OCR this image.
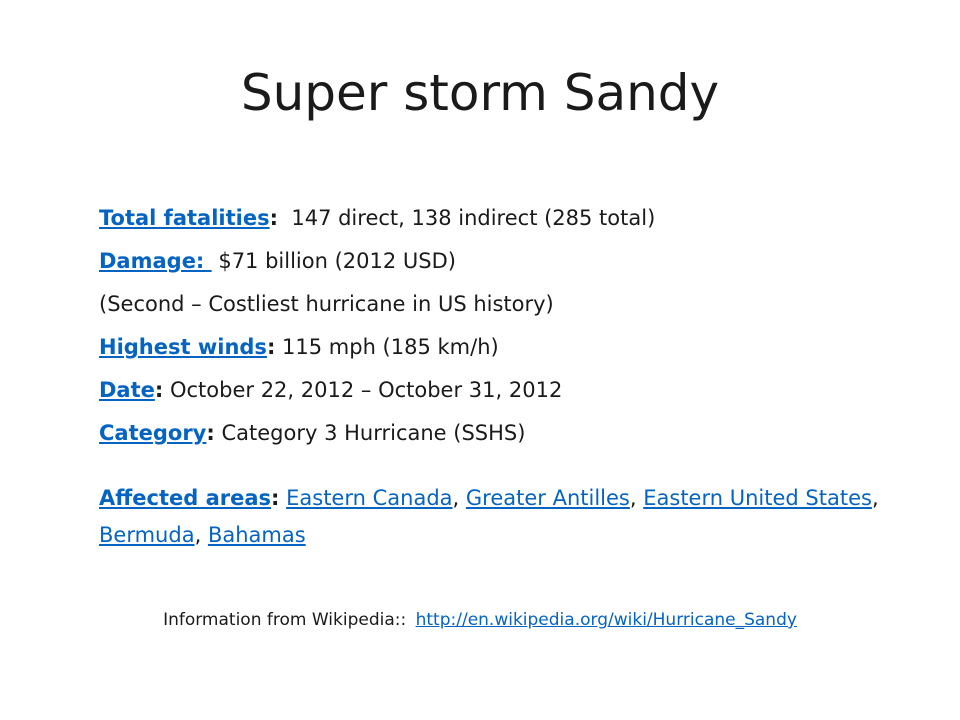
Super storm Sandy
Total fatalities: 147 direct, 138 indirect (285 total)
Damage:  $71 billion (2012 USD)
(Second – Costliest hurricane in US history)
Highest winds: 115 mph (185 km/h)
Date: October 22, 2012 – October 31, 2012
Category: Category 3 Hurricane (SSHS)
Affected areas: Eastern Canada, Greater Antilles, Eastern United States, Bermuda, Bahamas
Information from Wikipedia:: http://en.wikipedia.org/wiki/Hurricane_Sandy
